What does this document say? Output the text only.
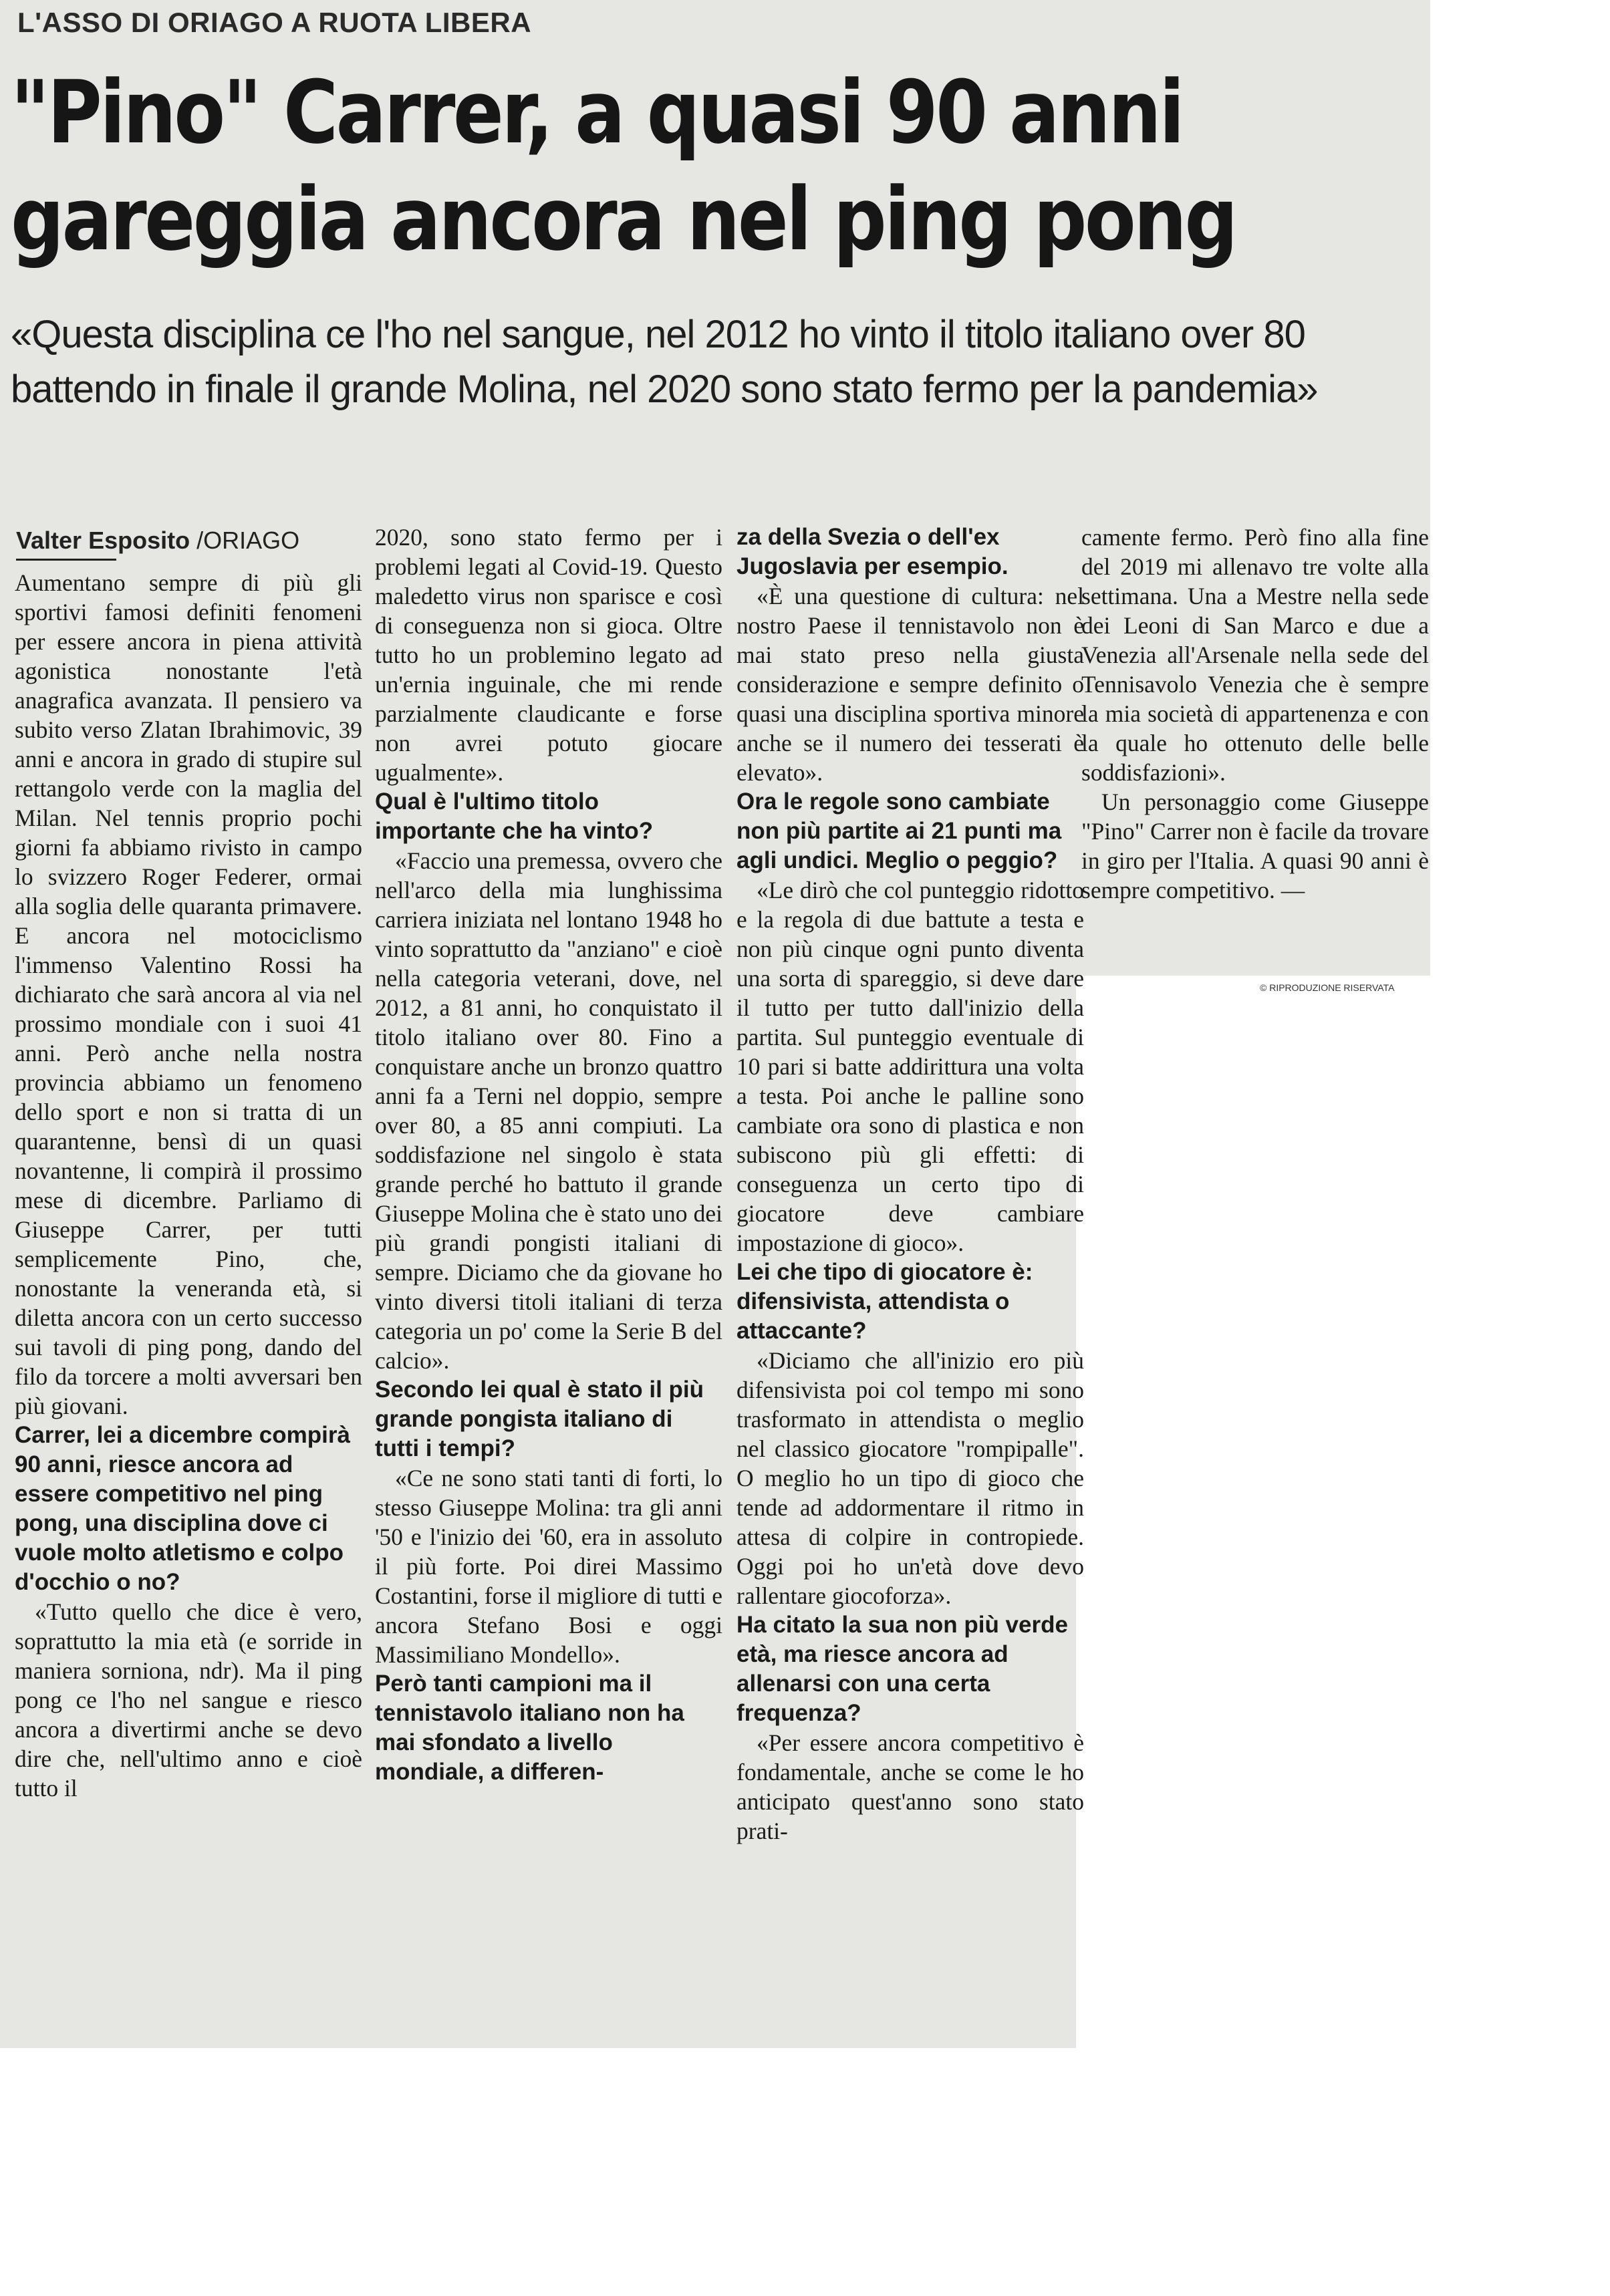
L'ASSO DI ORIAGO A RUOTA LIBERA
"Pino" Carrer, a quasi 90 anni
gareggia ancora nel ping pong
«Questa disciplina ce l'ho nel sangue, nel 2012 ho vinto il titolo italiano over 80
battendo in finale il grande Molina, nel 2020 sono stato fermo per la pandemia»
Valter Esposito /ORIAGO

Aumentano sempre di più gli sportivi famosi definiti fenomeni per essere ancora in piena attività agonistica nonostante l'età anagrafica avanzata. Il pensiero va subito verso Zlatan Ibrahimovic, 39 anni e ancora in grado di stupire sul rettangolo verde con la maglia del Milan. Nel tennis proprio pochi giorni fa abbiamo rivisto in campo lo svizzero Roger Federer, ormai alla soglia delle quaranta primavere. E ancora nel motociclismo l'immenso Valentino Rossi ha dichiarato che sarà ancora al via nel prossimo mondiale con i suoi 41 anni. Però anche nella nostra provincia abbiamo un fenomeno dello sport e non si tratta di un quarantenne, bensì di un quasi novantenne, li compirà il prossimo mese di dicembre. Parliamo di Giuseppe Carrer, per tutti semplicemente Pino, che, nonostante la veneranda età, si diletta ancora con un certo successo sui tavoli di ping pong, dando del filo da torcere a molti avversari ben più giovani.

Carrer, lei a dicembre compirà 90 anni, riesce ancora ad essere competitivo nel ping pong, una disciplina dove ci vuole molto atletismo e colpo d'occhio o no?

«Tutto quello che dice è vero, soprattutto la mia età (e sorride in maniera sorniona, ndr). Ma il ping pong ce l'ho nel sangue e riesco ancora a divertirmi anche se devo dire che, nell'ultimo anno e cioè tutto il

2020, sono stato fermo per i problemi legati al Covid-19. Questo maledetto virus non sparisce e così di conseguenza non si gioca. Oltre tutto ho un problemino legato ad un'ernia inguinale, che mi rende parzialmente claudicante e forse non avrei potuto giocare ugualmente».

Qual è l'ultimo titolo importante che ha vinto?

«Faccio una premessa, ovvero che nell'arco della mia lunghissima carriera iniziata nel lontano 1948 ho vinto soprattutto da "anziano" e cioè nella categoria veterani, dove, nel 2012, a 81 anni, ho conquistato il titolo italiano over 80. Fino a conquistare anche un bronzo quattro anni fa a Terni nel doppio, sempre over 80, a 85 anni compiuti. La soddisfazione nel singolo è stata grande perché ho battuto il grande Giuseppe Molina che è stato uno dei più grandi pongisti italiani di sempre. Diciamo che da giovane ho vinto diversi titoli italiani di terza categoria un po' come la Serie B del calcio».

Secondo lei qual è stato il più grande pongista italiano di tutti i tempi?

«Ce ne sono stati tanti di forti, lo stesso Giuseppe Molina: tra gli anni '50 e l'inizio dei '60, era in assoluto il più forte. Poi direi Massimo Costantini, forse il migliore di tutti e ancora Stefano Bosi e oggi Massimiliano Mondello».

Però tanti campioni ma il tennistavolo italiano non ha mai sfondato a livello mondiale, a differen-

za della Svezia o dell'ex Jugoslavia per esempio.

«È una questione di cultura: nel nostro Paese il tennistavolo non è mai stato preso nella giusta considerazione e sempre definito o quasi una disciplina sportiva minore anche se il numero dei tesserati è elevato».

Ora le regole sono cambiate non più partite ai 21 punti ma agli undici. Meglio o peggio?

«Le dirò che col punteggio ridotto e la regola di due battute a testa e non più cinque ogni punto diventa una sorta di spareggio, si deve dare il tutto per tutto dall'inizio della partita. Sul punteggio eventuale di 10 pari si batte addirittura una volta a testa. Poi anche le palline sono cambiate ora sono di plastica e non subiscono più gli effetti: di conseguenza un certo tipo di giocatore deve cambiare impostazione di gioco».

Lei che tipo di giocatore è: difensivista, attendista o attaccante?

«Diciamo che all'inizio ero più difensivista poi col tempo mi sono trasformato in attendista o meglio nel classico giocatore "rompipalle". O meglio ho un tipo di gioco che tende ad addormentare il ritmo in attesa di colpire in contropiede. Oggi poi ho un'età dove devo rallentare giocoforza».

Ha citato la sua non più verde età, ma riesce ancora ad allenarsi con una certa frequenza?

«Per essere ancora competitivo è fondamentale, anche se come le ho anticipato quest'anno sono stato prati-

camente fermo. Però fino alla fine del 2019 mi allenavo tre volte alla settimana. Una a Mestre nella sede dei Leoni di San Marco e due a Venezia all'Arsenale nella sede del Tennisavolo Venezia che è sempre la mia società di appartenenza e con la quale ho ottenuto delle belle soddisfazioni».

Un personaggio come Giuseppe "Pino" Carrer non è facile da trovare in giro per l'Italia. A quasi 90 anni è sempre competitivo. —

© RIPRODUZIONE RISERVATA
